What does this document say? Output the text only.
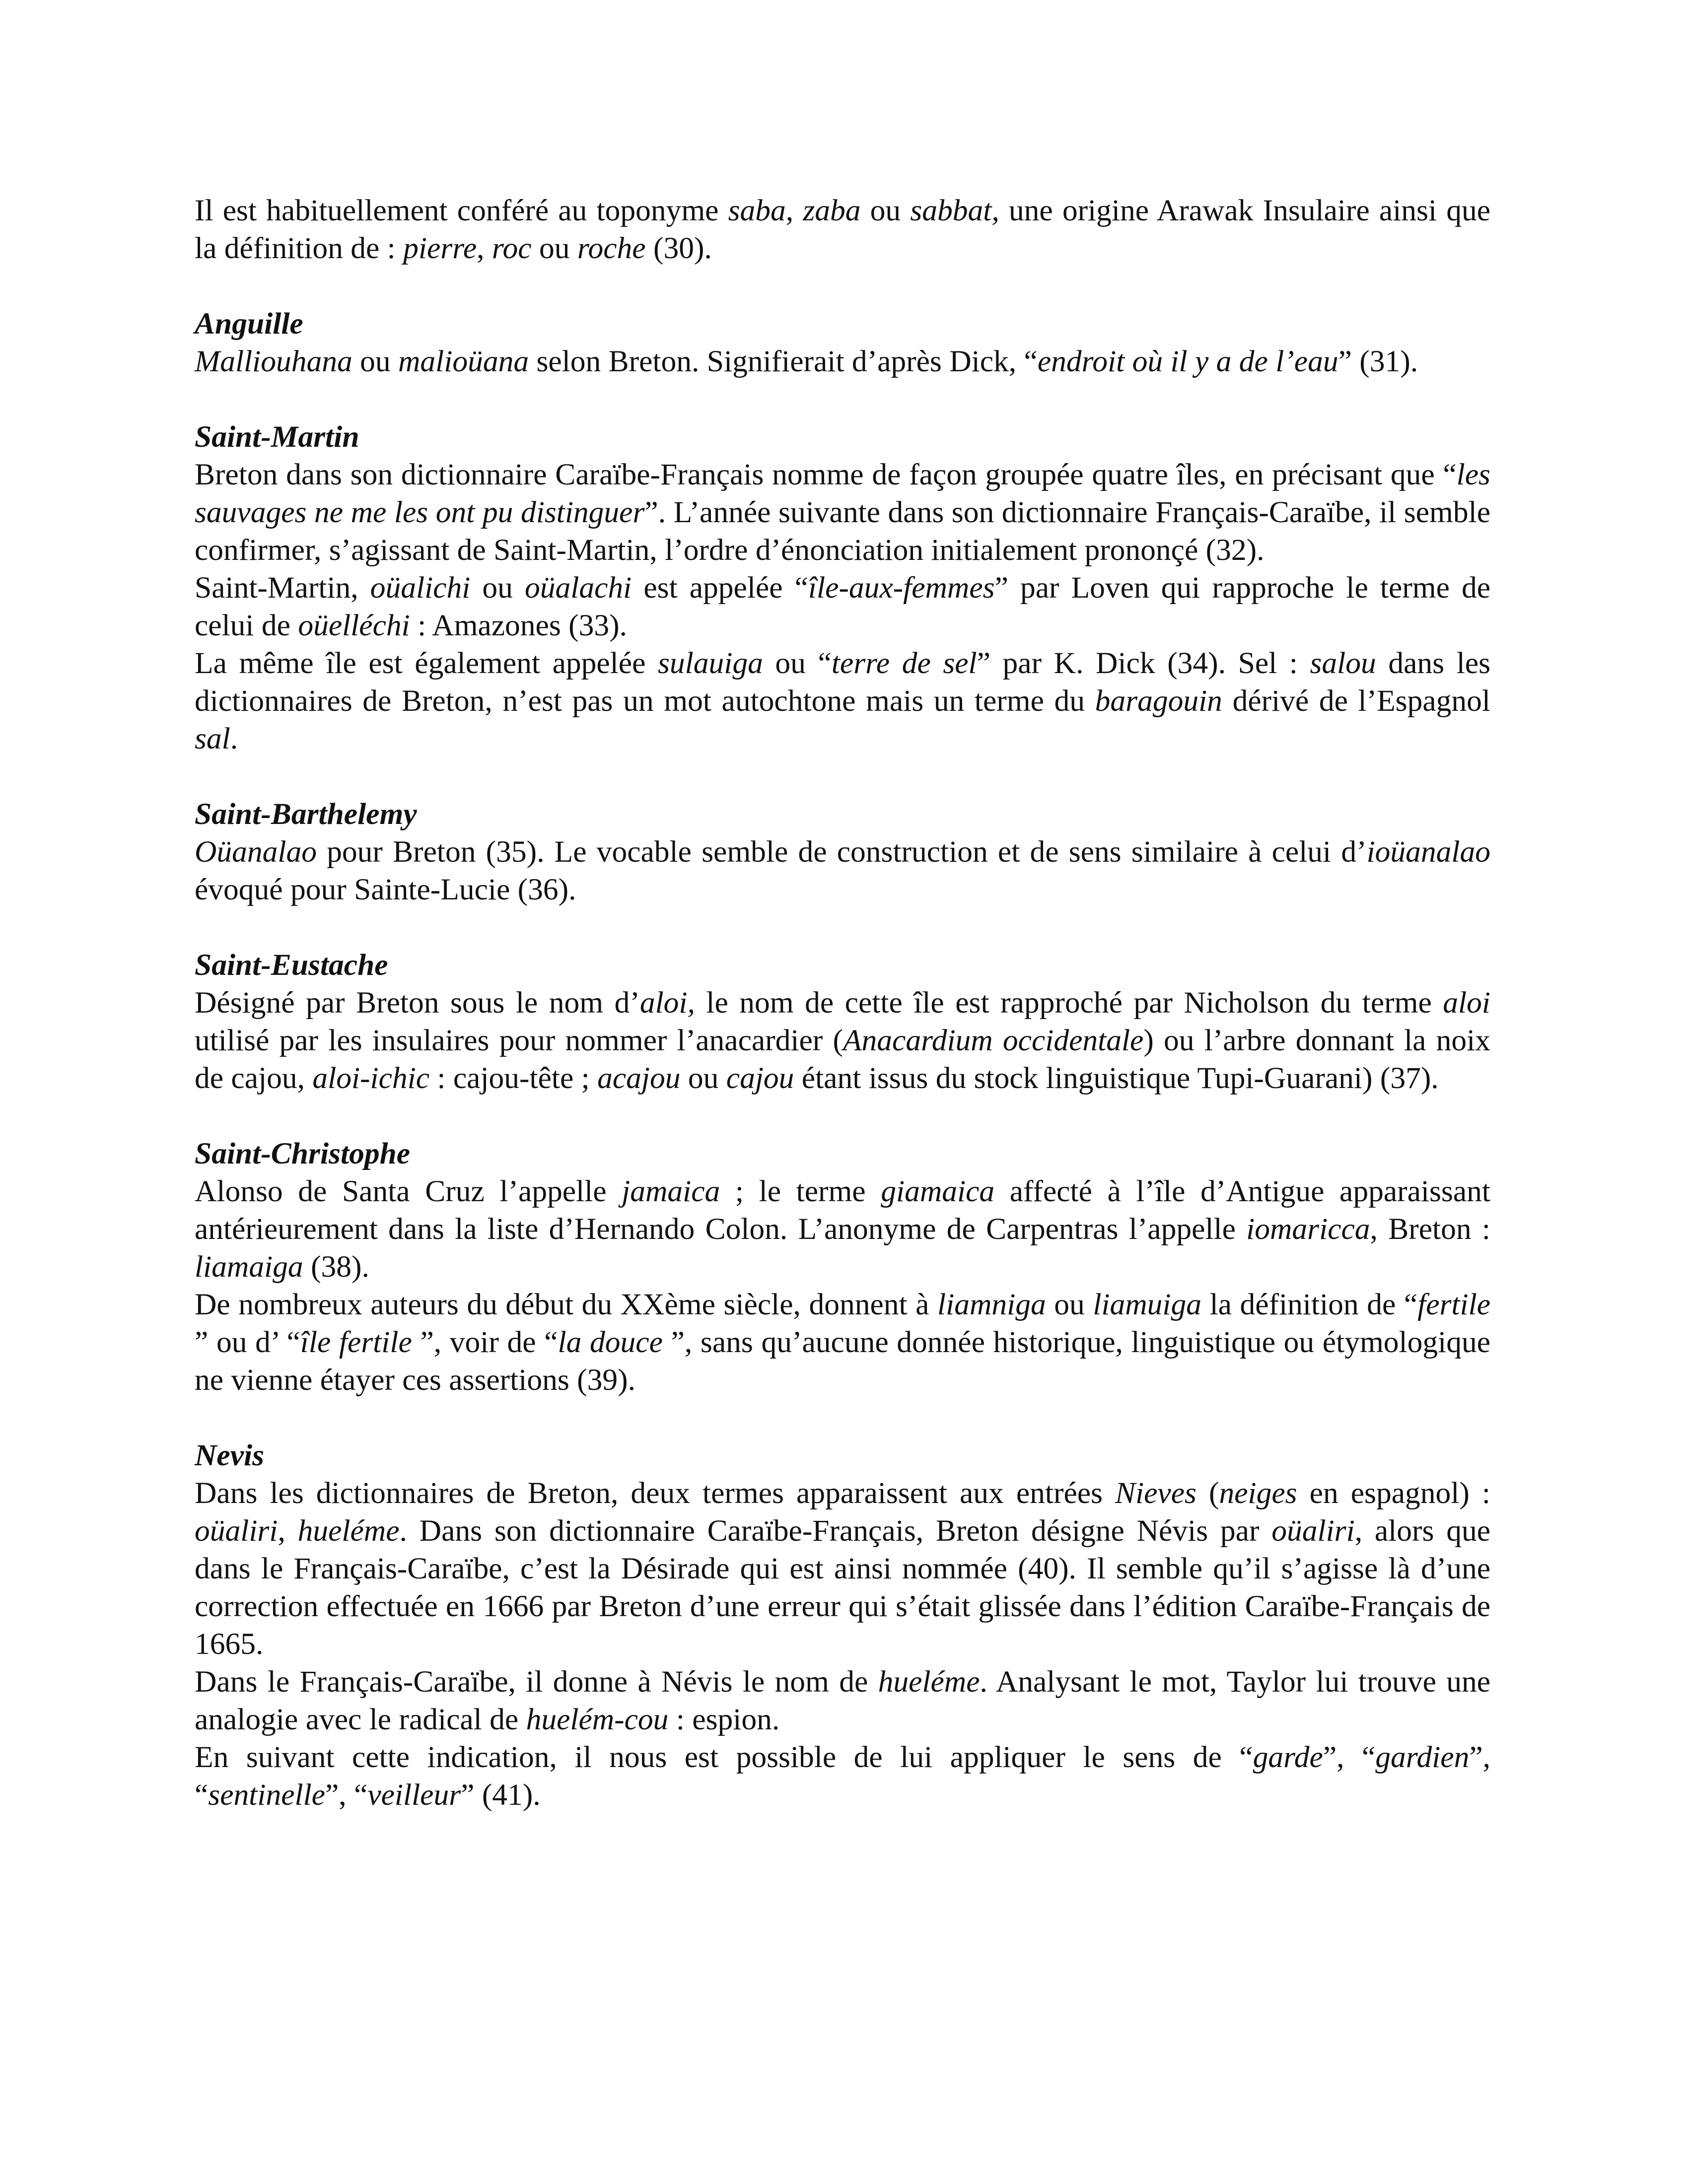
Il est habituellement conféré au toponyme saba, zaba ou sabbat, une origine Arawak Insulaire ainsi que la définition de : pierre, roc ou roche (30).

Anguille

Malliouhana ou malioüana selon Breton. Signifierait d’après Dick, “endroit où il y a de l’eau” (31).

Saint-Martin

Breton dans son dictionnaire Caraïbe-Français nomme de façon groupée quatre îles, en précisant que “les sauvages ne me les ont pu distinguer”. L’année suivante dans son dictionnaire Français-Caraïbe, il semble confirmer, s’agissant de Saint-Martin, l’ordre d’énonciation initialement prononçé (32).

Saint-Martin, oüalichi ou oüalachi est appelée “île-aux-femmes” par Loven qui rapproche le terme de celui de oüelléchi : Amazones (33).

La même île est également appelée sulauiga ou “terre de sel” par K. Dick (34). Sel : salou dans les dictionnaires de Breton, n’est pas un mot autochtone mais un terme du baragouin dérivé de l’Espagnol sal.

Saint-Barthelemy

Oüanalao pour Breton (35). Le vocable semble de construction et de sens similaire à celui d’ioüanalao évoqué pour Sainte-Lucie (36).

Saint-Eustache

Désigné par Breton sous le nom d’aloi, le nom de cette île est rapproché par Nicholson du terme aloi utilisé par les insulaires pour nommer l’anacardier (Anacardium occidentale) ou l’arbre donnant la noix de cajou, aloi-ichic : cajou-tête ; acajou ou cajou étant issus du stock linguistique Tupi-Guarani) (37).

Saint-Christophe

Alonso de Santa Cruz l’appelle jamaica ; le terme giamaica affecté à l’île d’Antigue apparaissant antérieurement dans la liste d’Hernando Colon. L’anonyme de Carpentras l’appelle iomaricca, Breton : liamaiga (38).

De nombreux auteurs du début du XXème siècle, donnent à liamniga ou liamuiga la définition de “fertile ” ou d’ “île fertile ”, voir de “la douce ”, sans qu’aucune donnée historique, linguistique ou étymologique ne vienne étayer ces assertions (39).

Nevis

Dans les dictionnaires de Breton, deux termes apparaissent aux entrées Nieves (neiges en espagnol) : oüaliri, hueléme. Dans son dictionnaire Caraïbe-Français, Breton désigne Névis par oüaliri, alors que dans le Français-Caraïbe, c’est la Désirade qui est ainsi nommée (40). Il semble qu’il s’agisse là d’une correction effectuée en 1666 par Breton d’une erreur qui s’était glissée dans l’édition Caraïbe-Français de 1665.

Dans le Français-Caraïbe, il donne à Névis le nom de hueléme. Analysant le mot, Taylor lui trouve une analogie avec le radical de huelém-cou : espion.

En suivant cette indication, il nous est possible de lui appliquer le sens de “garde”, “gardien”, “sentinelle”, “veilleur” (41).
